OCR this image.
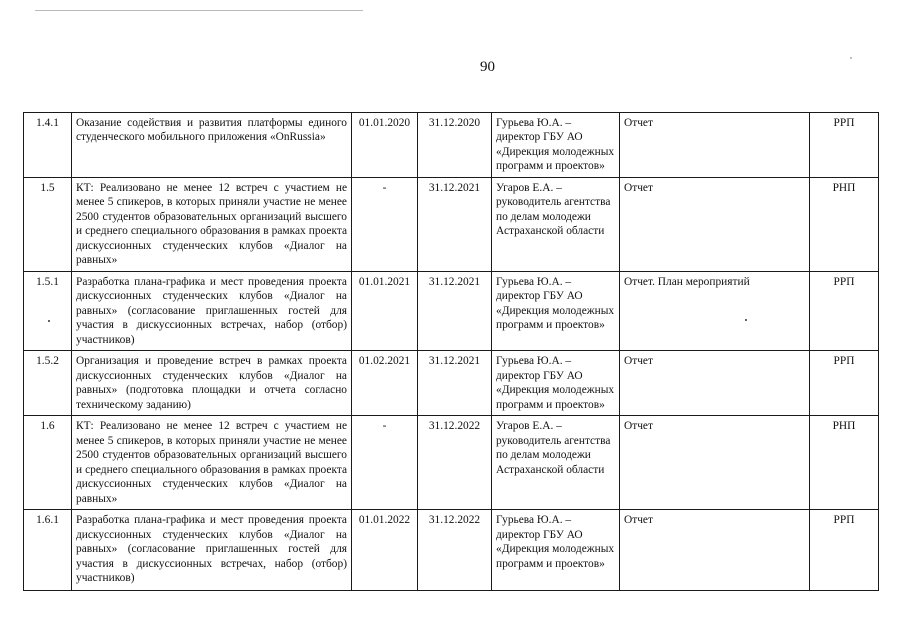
90
1.4.1	Оказание содействия и развития платформы единого студенческого мобильного приложения «OnRussia»	01.01.2020	31.12.2020	Гурьева Ю.А. – директор ГБУ АО «Дирекция молодежных программ и проектов»	Отчет	РРП
1.5	КТ: Реализовано не менее 12 встреч с участием не менее 5 спикеров, в которых приняли участие не менее 2500 студентов образовательных организаций высшего и среднего специального образования в рамках проекта дискуссионных студенческих клубов «Диалог на равных»	-	31.12.2021	Угаров Е.А. – руководитель агентства по делам молодежи Астраханской области	Отчет	РНП
1.5.1	Разработка плана-графика и мест проведения проекта дискуссионных студенческих клубов «Диалог на равных» (согласование приглашенных гостей для участия в дискуссионных встречах, набор (отбор) участников)	01.01.2021	31.12.2021	Гурьева Ю.А. – директор ГБУ АО «Дирекция молодежных программ и проектов»	Отчет. План мероприятий	РРП
1.5.2	Организация и проведение встреч в рамках проекта дискуссионных студенческих клубов «Диалог на равных» (подготовка площадки и отчета согласно техническому заданию)	01.02.2021	31.12.2021	Гурьева Ю.А. – директор ГБУ АО «Дирекция молодежных программ и проектов»	Отчет	РРП
1.6	КТ: Реализовано не менее 12 встреч с участием не менее 5 спикеров, в которых приняли участие не менее 2500 студентов образовательных организаций высшего и среднего специального образования в рамках проекта дискуссионных студенческих клубов «Диалог на равных»	-	31.12.2022	Угаров Е.А. – руководитель агентства по делам молодежи Астраханской области	Отчет	РНП
1.6.1	Разработка плана-графика и мест проведения проекта дискуссионных студенческих клубов «Диалог на равных» (согласование приглашенных гостей для участия в дискуссионных встречах, набор (отбор) участников)	01.01.2022	31.12.2022	Гурьева Ю.А. – директор ГБУ АО «Дирекция молодежных программ и проектов»	Отчет	РРП
